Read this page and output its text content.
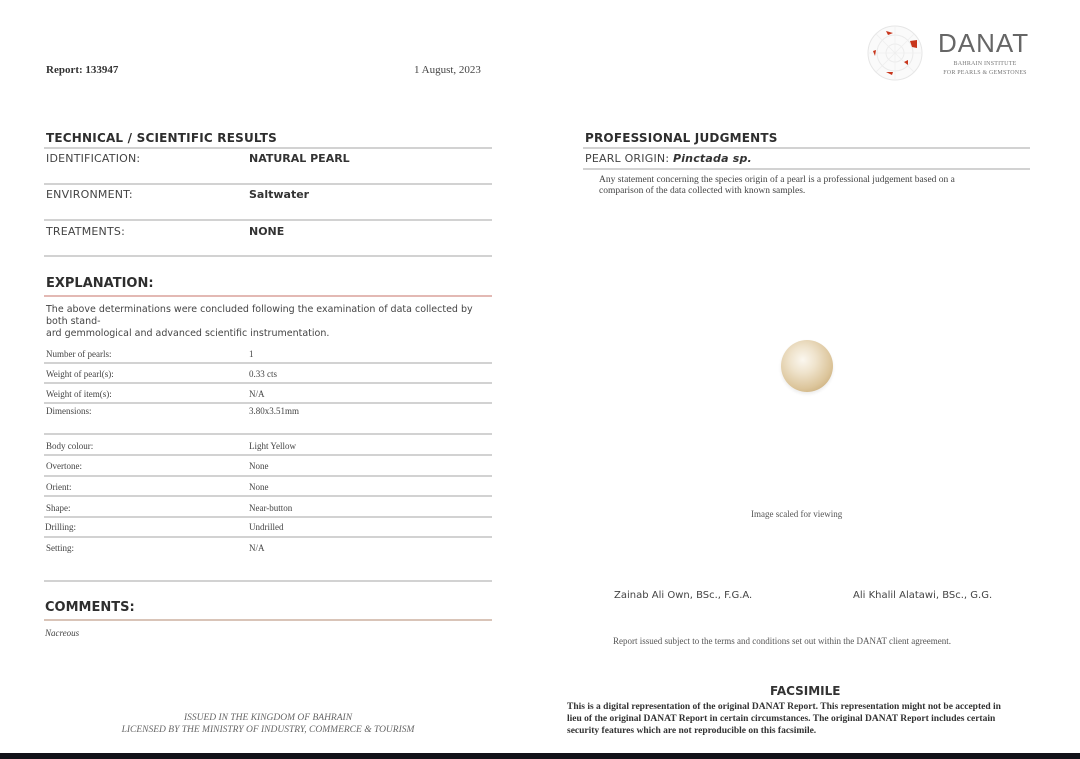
Report: 133947	1 August, 2023
DANAT
BAHRAIN INSTITUTE
FOR PEARLS & GEMSTONES
TECHNICAL / SCIENTIFIC RESULTS
IDENTIFICATION:	NATURAL PEARL
ENVIRONMENT:	Saltwater
TREATMENTS:	NONE
EXPLANATION:
The above determinations were concluded following the examination of data collected by both stand-
ard gemmological and advanced scientific instrumentation.
Number of pearls:	1
Weight of pearl(s):	0.33 cts
Weight of item(s):	N/A
Dimensions:	3.80x3.51mm
Body colour:	Light Yellow
Overtone:	None
Orient:	None
Shape:	Near-button
Drilling:	Undrilled
Setting:	N/A
COMMENTS:
Nacreous
ISSUED IN THE KINGDOM OF BAHRAIN
LICENSED BY THE MINISTRY OF INDUSTRY, COMMERCE & TOURISM
PROFESSIONAL JUDGMENTS
PEARL ORIGIN: Pinctada sp.
Any statement concerning the species origin of a pearl is a professional judgement based on a
comparison of the data collected with known samples.
Image scaled for viewing
Zainab Ali Own, BSc., F.G.A.	Ali Khalil Alatawi, BSc., G.G.
Report issued subject to the terms and conditions set out within the DANAT client agreement.
FACSIMILE
This is a digital representation of the original DANAT Report. This representation might not be accepted in
lieu of the original DANAT Report in certain circumstances. The original DANAT Report includes certain
security features which are not reproducible on this facsimile.
